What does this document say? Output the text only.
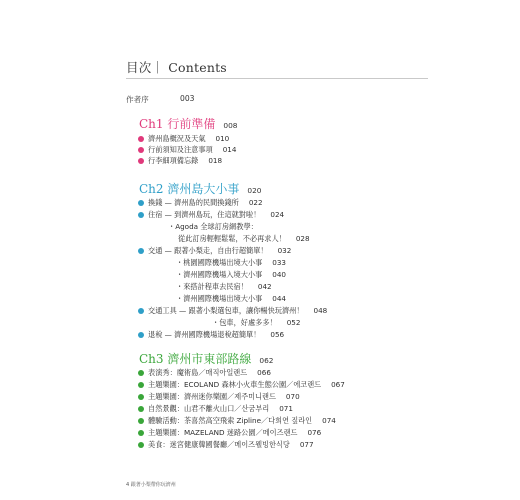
目次｜ Contents
作者序	003
Ch1 行前準備 008
濟州島概況及天氣 010
行前須知及注意事項 014
行李細項備忘錄 018
Ch2 濟州島大小事 020
換錢 — 濟州島的民間換錢所 022
住宿 — 到濟州島玩，住這就對啦！ 024
・Agoda 全球訂房網教學：
從此訂房輕輕鬆鬆，不必再求人！ 028
交通 — 跟著小梨走，自由行超簡單！ 032
・桃園國際機場出境大小事 033
・濟州國際機場入境大小事 040
・來搭計程車去民宿！ 042
・濟州國際機場出境大小事 044
交通工具 — 跟著小梨選包車，讓你暢快玩濟州！ 048
・包車，好處多多！ 052
退稅 — 濟州國際機場退稅超簡單！ 056
Ch3 濟州市東部路線 062
表演秀：魔術島／매직아일랜드 066
主題樂園：ECOLAND 森林小火車生態公園／에코랜드 067
主題樂園：濟州迷你樂園／제주미니랜드 070
自然景觀：山君不離火山口／산굼부리 071
體驗活動：茶喜然高空飛索 Zipline／다희연 짚라인 074
主題樂園：MAZELAND 迷路公園／메이즈랜드 076
美食：迷宮健康韓國餐廳／메이즈웰빙한식당 077
4 跟著小梨帶你玩濟州
